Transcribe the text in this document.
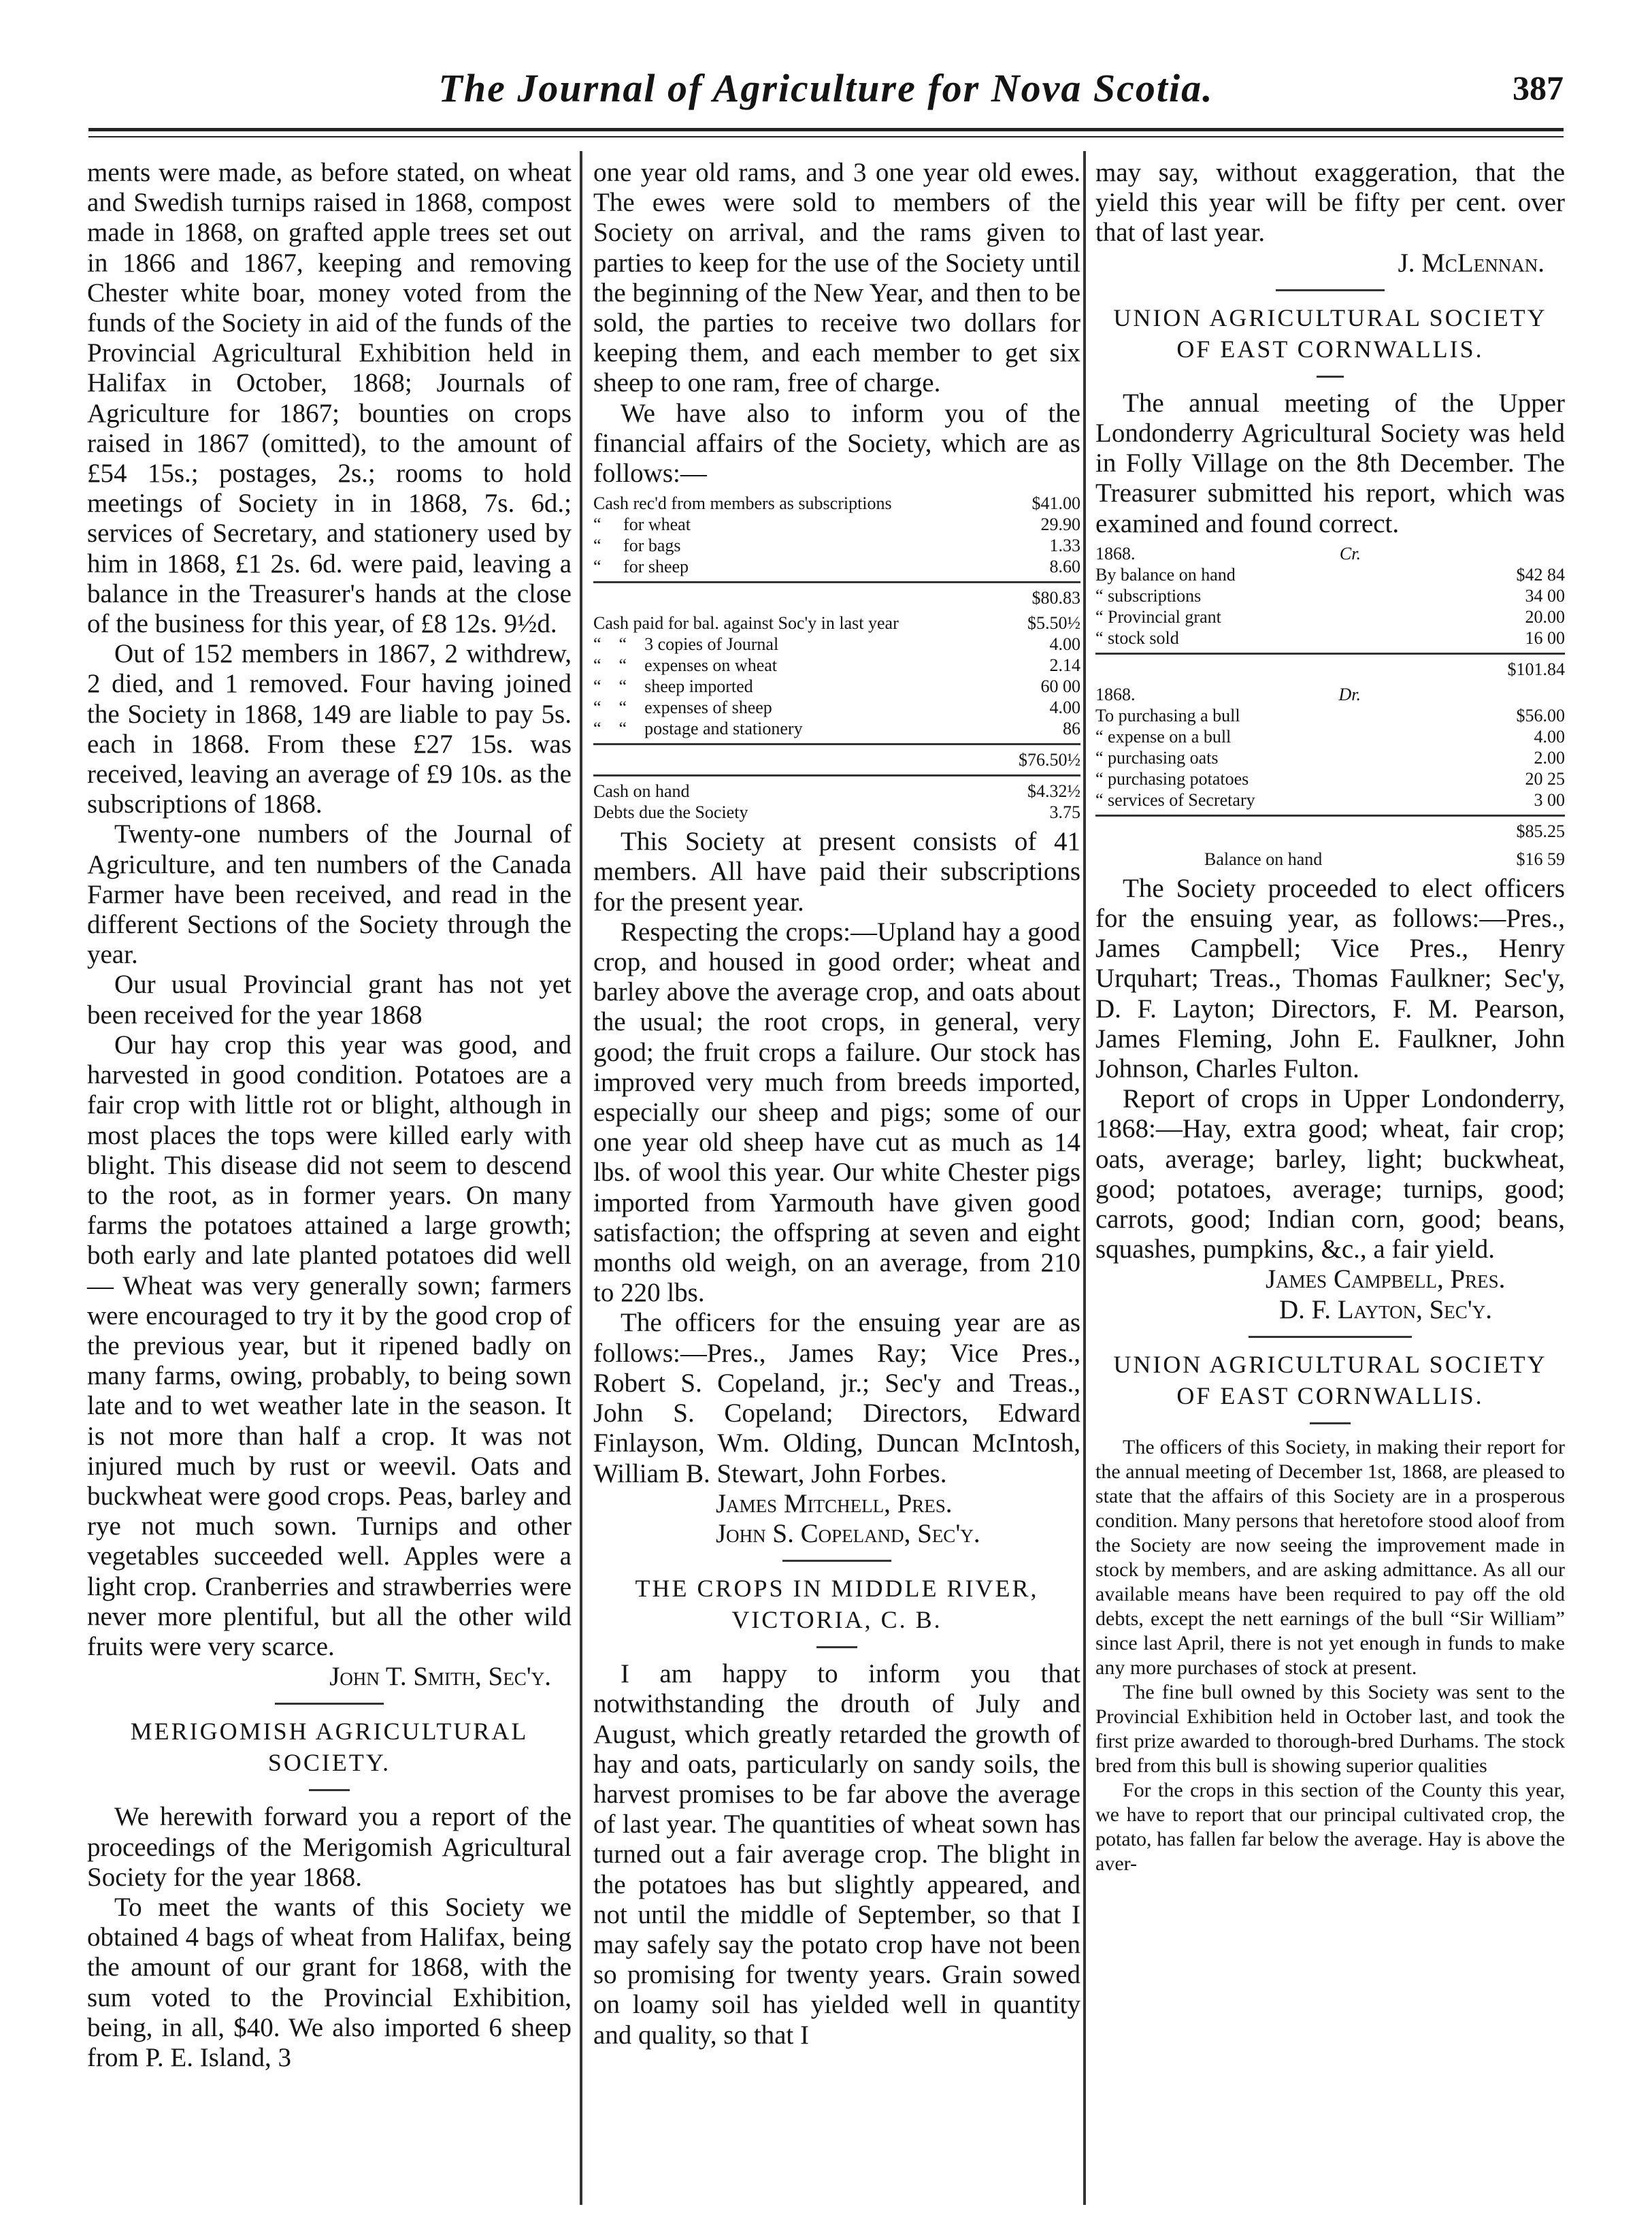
The Journal of Agriculture for Nova Scotia.	387

ments were made, as before stated, on wheat and Swedish turnips raised in 1868, compost made in 1868, on grafted apple trees set out in 1866 and 1867, keeping and removing Chester white boar, money voted from the funds of the Society in aid of the funds of the Provincial Agricultural Exhibition held in Halifax in October, 1868; Journals of Agriculture for 1867; bounties on crops raised in 1867 (omitted), to the amount of £54 15s.; postages, 2s.; rooms to hold meetings of Society in in 1868, 7s. 6d.; services of Secretary, and stationery used by him in 1868, £1 2s. 6d. were paid, leaving a balance in the Treasurer's hands at the close of the business for this year, of £8 12s. 9½d.

Out of 152 members in 1867, 2 withdrew, 2 died, and 1 removed. Four having joined the Society in 1868, 149 are liable to pay 5s. each in 1868. From these £27 15s. was received, leaving an average of £9 10s. as the subscriptions of 1868.

Twenty-one numbers of the Journal of Agriculture, and ten numbers of the Canada Farmer have been received, and read in the different Sections of the Society through the year.

Our usual Provincial grant has not yet been received for the year 1868

Our hay crop this year was good, and harvested in good condition. Potatoes are a fair crop with little rot or blight, although in most places the tops were killed early with blight. This disease did not seem to descend to the root, as in former years. On many farms the potatoes attained a large growth; both early and late planted potatoes did well — Wheat was very generally sown; farmers were encouraged to try it by the good crop of the previous year, but it ripened badly on many farms, owing, probably, to being sown late and to wet weather late in the season. It is not more than half a crop. It was not injured much by rust or weevil. Oats and buckwheat were good crops. Peas, barley and rye not much sown. Turnips and other vegetables succeeded well. Apples were a light crop. Cranberries and strawberries were never more plentiful, but all the other wild fruits were very scarce.

John T. Smith, Sec'y.

MERIGOMISH AGRICULTURAL SOCIETY.

We herewith forward you a report of the proceedings of the Merigomish Agricultural Society for the year 1868.

To meet the wants of this Society we obtained 4 bags of wheat from Halifax, being the amount of our grant for 1868, with the sum voted to the Provincial Exhibition, being, in all, $40. We also imported 6 sheep from P. E. Island, 3

one year old rams, and 3 one year old ewes. The ewes were sold to members of the Society on arrival, and the rams given to parties to keep for the use of the Society until the beginning of the New Year, and then to be sold, the parties to receive two dollars for keeping them, and each member to get six sheep to one ram, free of charge.

We have also to inform you of the financial affairs of the Society, which are as follows:—

Cash rec'd from members as subscriptions	$41.00
“     for wheat	29.90
“     for bags	1.33
“     for sheep	8.60
$80.83
Cash paid for bal. against Soc'y in last year	$5.50½
“    “    3 copies of Journal	4.00
“    “    expenses on wheat	2.14
“    “    sheep imported	60 00
“    “    expenses of sheep	4.00
“    “    postage and stationery	86
$76.50½
Cash on hand	$4.32½
Debts due the Society	3.75

This Society at present consists of 41 members. All have paid their subscriptions for the present year.

Respecting the crops:—Upland hay a good crop, and housed in good order; wheat and barley above the average crop, and oats about the usual; the root crops, in general, very good; the fruit crops a failure. Our stock has improved very much from breeds imported, especially our sheep and pigs; some of our one year old sheep have cut as much as 14 lbs. of wool this year. Our white Chester pigs imported from Yarmouth have given good satisfaction; the offspring at seven and eight months old weigh, on an average, from 210 to 220 lbs.

The officers for the ensuing year are as follows:—Pres., James Ray; Vice Pres., Robert S. Copeland, jr.; Sec'y and Treas., John S. Copeland; Directors, Edward Finlayson, Wm. Olding, Duncan McIntosh, William B. Stewart, John Forbes.

James Mitchell, Pres.

John S. Copeland, Sec'y.

THE CROPS IN MIDDLE RIVER, VICTORIA, C. B.

I am happy to inform you that notwithstanding the drouth of July and August, which greatly retarded the growth of hay and oats, particularly on sandy soils, the harvest promises to be far above the average of last year. The quantities of wheat sown has turned out a fair average crop. The blight in the potatoes has but slightly appeared, and not until the middle of September, so that I may safely say the potato crop have not been so promising for twenty years. Grain sowed on loamy soil has yielded well in quantity and quality, so that I

may say, without exaggeration, that the yield this year will be fifty per cent. over that of last year.

J. McLennan.

UNION AGRICULTURAL SOCIETY OF EAST CORNWALLIS.

The annual meeting of the Upper Londonderry Agricultural Society was held in Folly Village on the 8th December. The Treasurer submitted his report, which was examined and found correct.

1868.	Cr.
By balance on hand	$42 84
“ subscriptions	34 00
“ Provincial grant	20.00
“ stock sold	16 00
$101.84
1868.	Dr.
To purchasing a bull	$56.00
“ expense on a bull	4.00
“ purchasing oats	2.00
“ purchasing potatoes	20 25
“ services of Secretary	3 00
$85.25
Balance on hand	$16 59

The Society proceeded to elect officers for the ensuing year, as follows:—Pres., James Campbell; Vice Pres., Henry Urquhart; Treas., Thomas Faulkner; Sec'y, D. F. Layton; Directors, F. M. Pearson, James Fleming, John E. Faulkner, John Johnson, Charles Fulton.

Report of crops in Upper Londonderry, 1868:—Hay, extra good; wheat, fair crop; oats, average; barley, light; buckwheat, good; potatoes, average; turnips, good; carrots, good; Indian corn, good; beans, squashes, pumpkins, &c., a fair yield.

James Campbell, Pres.

D. F. Layton, Sec'y.

UNION AGRICULTURAL SOCIETY OF EAST CORNWALLIS.

The officers of this Society, in making their report for the annual meeting of December 1st, 1868, are pleased to state that the affairs of this Society are in a prosperous condition. Many persons that heretofore stood aloof from the Society are now seeing the improvement made in stock by members, and are asking admittance. As all our available means have been required to pay off the old debts, except the nett earnings of the bull “Sir William” since last April, there is not yet enough in funds to make any more purchases of stock at present.

The fine bull owned by this Society was sent to the Provincial Exhibition held in October last, and took the first prize awarded to thorough-bred Durhams. The stock bred from this bull is showing superior qualities

For the crops in this section of the County this year, we have to report that our principal cultivated crop, the potato, has fallen far below the average. Hay is above the aver-
